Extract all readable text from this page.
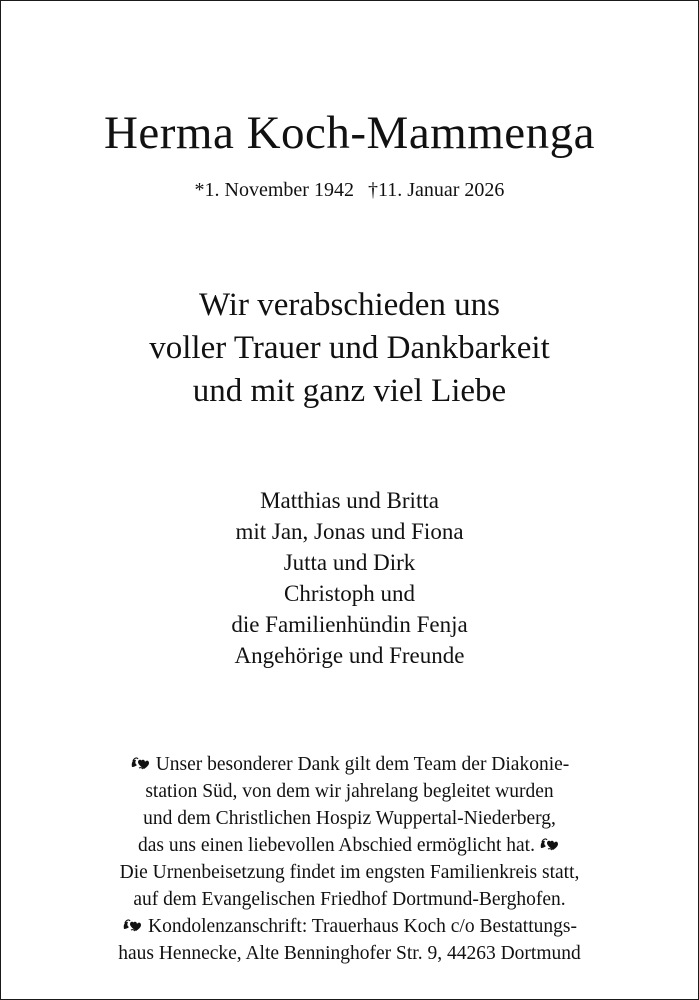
Herma Koch-Mammenga
*1. November 1942 †11. Januar 2026
Wir verabschieden uns
voller Trauer und Dankbarkeit
und mit ganz viel Liebe
Matthias und Britta
mit Jan, Jonas und Fiona
Jutta und Dirk
Christoph und
die Familienhündin Fenja
Angehörige und Freunde
Unser besonderer Dank gilt dem Team der Diakonie-
station Süd, von dem wir jahrelang begleitet wurden
und dem Christlichen Hospiz Wuppertal-Niederberg,
das uns einen liebevollen Abschied ermöglicht hat.
Die Urnenbeisetzung findet im engsten Familienkreis statt,
auf dem Evangelischen Friedhof Dortmund-Berghofen.
Kondolenzanschrift: Trauerhaus Koch c/o Bestattungs-
haus Hennecke, Alte Benninghofer Str. 9, 44263 Dortmund
